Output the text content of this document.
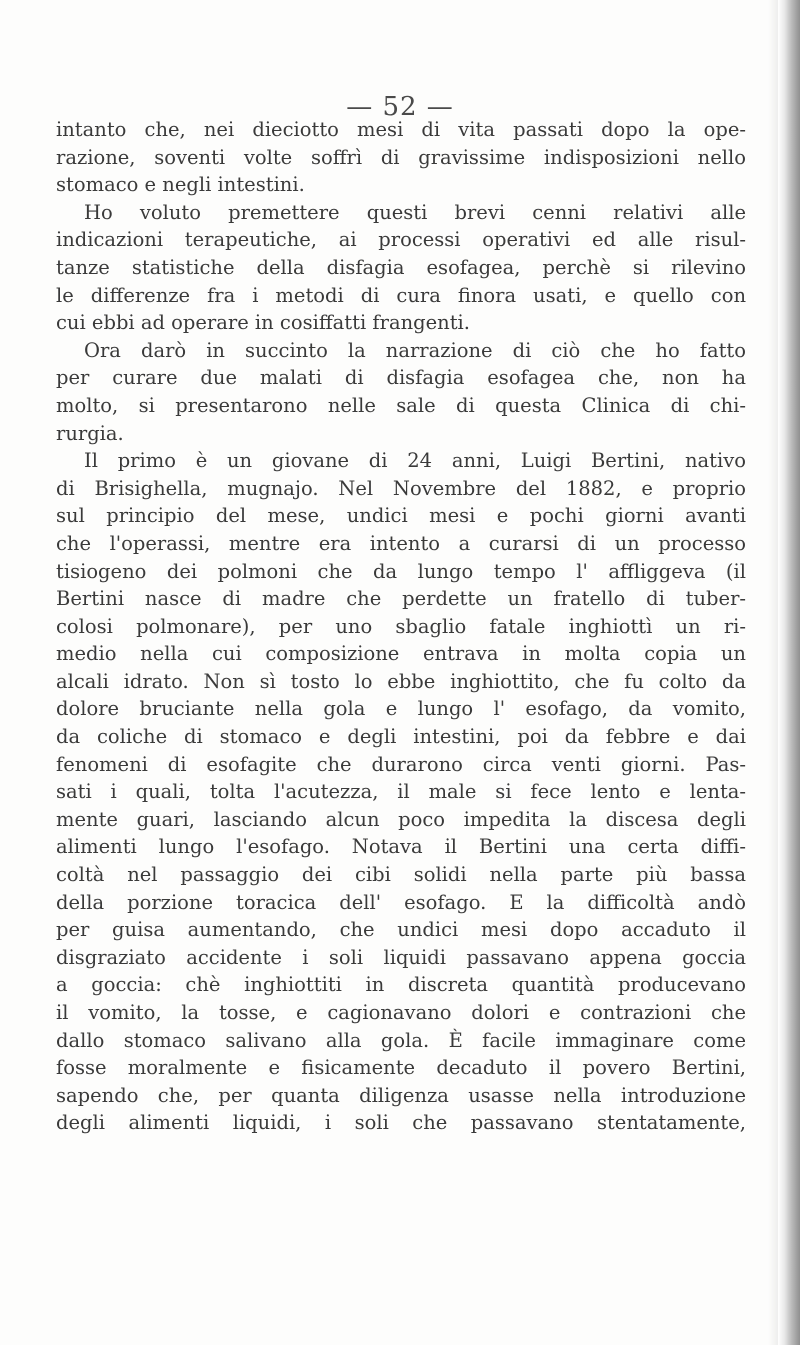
— 52 —
intanto che, nei dieciotto mesi di vita passati dopo la ope-
razione, soventi volte soffrì di gravissime indisposizioni nello
stomaco e negli intestini.
Ho voluto premettere questi brevi cenni relativi alle
indicazioni terapeutiche, ai processi operativi ed alle risul-
tanze statistiche della disfagia esofagea, perchè si rilevino
le differenze fra i metodi di cura finora usati, e quello con
cui ebbi ad operare in cosiffatti frangenti.
Ora darò in succinto la narrazione di ciò che ho fatto
per curare due malati di disfagia esofagea che, non ha
molto, si presentarono nelle sale di questa Clinica di chi-
rurgia.
Il primo è un giovane di 24 anni, Luigi Bertini, nativo
di Brisighella, mugnajo. Nel Novembre del 1882, e proprio
sul principio del mese, undici mesi e pochi giorni avanti
che l'operassi, mentre era intento a curarsi di un processo
tisiogeno dei polmoni che da lungo tempo l' affliggeva (il
Bertini nasce di madre che perdette un fratello di tuber-
colosi polmonare), per uno sbaglio fatale inghiottì un ri-
medio nella cui composizione entrava in molta copia un
alcali idrato. Non sì tosto lo ebbe inghiottito, che fu colto da
dolore bruciante nella gola e lungo l' esofago, da vomito,
da coliche di stomaco e degli intestini, poi da febbre e dai
fenomeni di esofagite che durarono circa venti giorni. Pas-
sati i quali, tolta l'acutezza, il male si fece lento e lenta-
mente guari, lasciando alcun poco impedita la discesa degli
alimenti lungo l'esofago. Notava il Bertini una certa diffi-
coltà nel passaggio dei cibi solidi nella parte più bassa
della porzione toracica dell' esofago. E la difficoltà andò
per guisa aumentando, che undici mesi dopo accaduto il
disgraziato accidente i soli liquidi passavano appena goccia
a goccia: chè inghiottiti in discreta quantità producevano
il vomito, la tosse, e cagionavano dolori e contrazioni che
dallo stomaco salivano alla gola. È facile immaginare come
fosse moralmente e fisicamente decaduto il povero Bertini,
sapendo che, per quanta diligenza usasse nella introduzione
degli alimenti liquidi, i soli che passavano stentatamente,
